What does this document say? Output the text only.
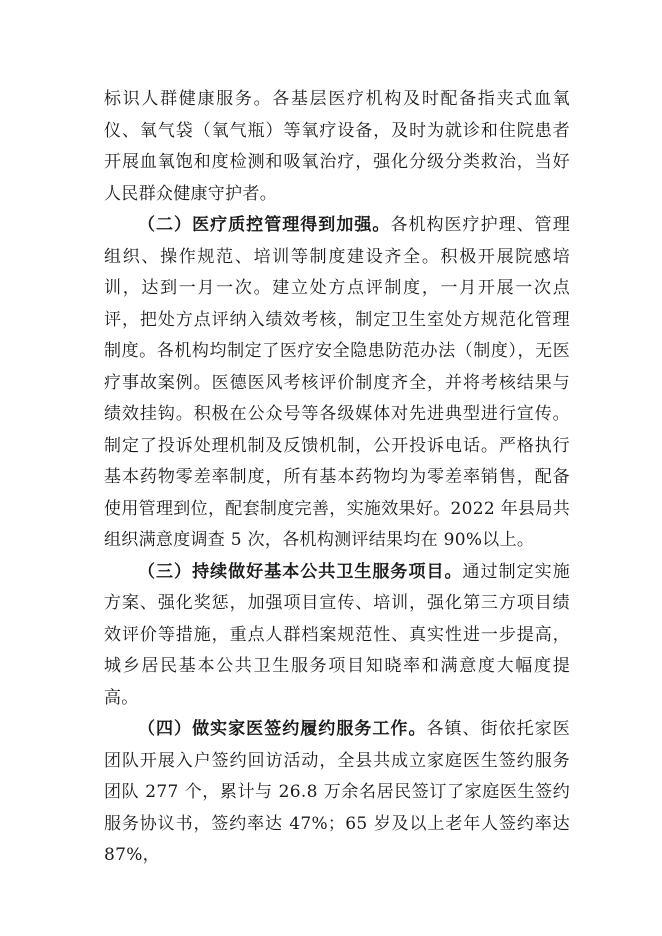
标识人群健康服务。各基层医疗机构及时配备指夹式血氧仪、氧气袋（氧气瓶）等氧疗设备，及时为就诊和住院患者开展血氧饱和度检测和吸氧治疗，强化分级分类救治，当好人民群众健康守护者。

（二）医疗质控管理得到加强。各机构医疗护理、管理组织、操作规范、培训等制度建设齐全。积极开展院感培训，达到一月一次。建立处方点评制度，一月开展一次点评，把处方点评纳入绩效考核，制定卫生室处方规范化管理制度。各机构均制定了医疗安全隐患防范办法（制度），无医疗事故案例。医德医风考核评价制度齐全，并将考核结果与绩效挂钩。积极在公众号等各级媒体对先进典型进行宣传。制定了投诉处理机制及反馈机制，公开投诉电话。严格执行基本药物零差率制度，所有基本药物均为零差率销售，配备使用管理到位，配套制度完善，实施效果好。2022 年县局共组织满意度调查 5 次，各机构测评结果均在 90%以上。

（三）持续做好基本公共卫生服务项目。通过制定实施方案、强化奖惩，加强项目宣传、培训，强化第三方项目绩效评价等措施，重点人群档案规范性、真实性进一步提高，城乡居民基本公共卫生服务项目知晓率和满意度大幅度提高。

（四）做实家医签约履约服务工作。各镇、街依托家医团队开展入户签约回访活动，全县共成立家庭医生签约服务团队 277 个，累计与 26.8 万余名居民签订了家庭医生签约服务协议书，签约率达 47%；65 岁及以上老年人签约率达 87%，
